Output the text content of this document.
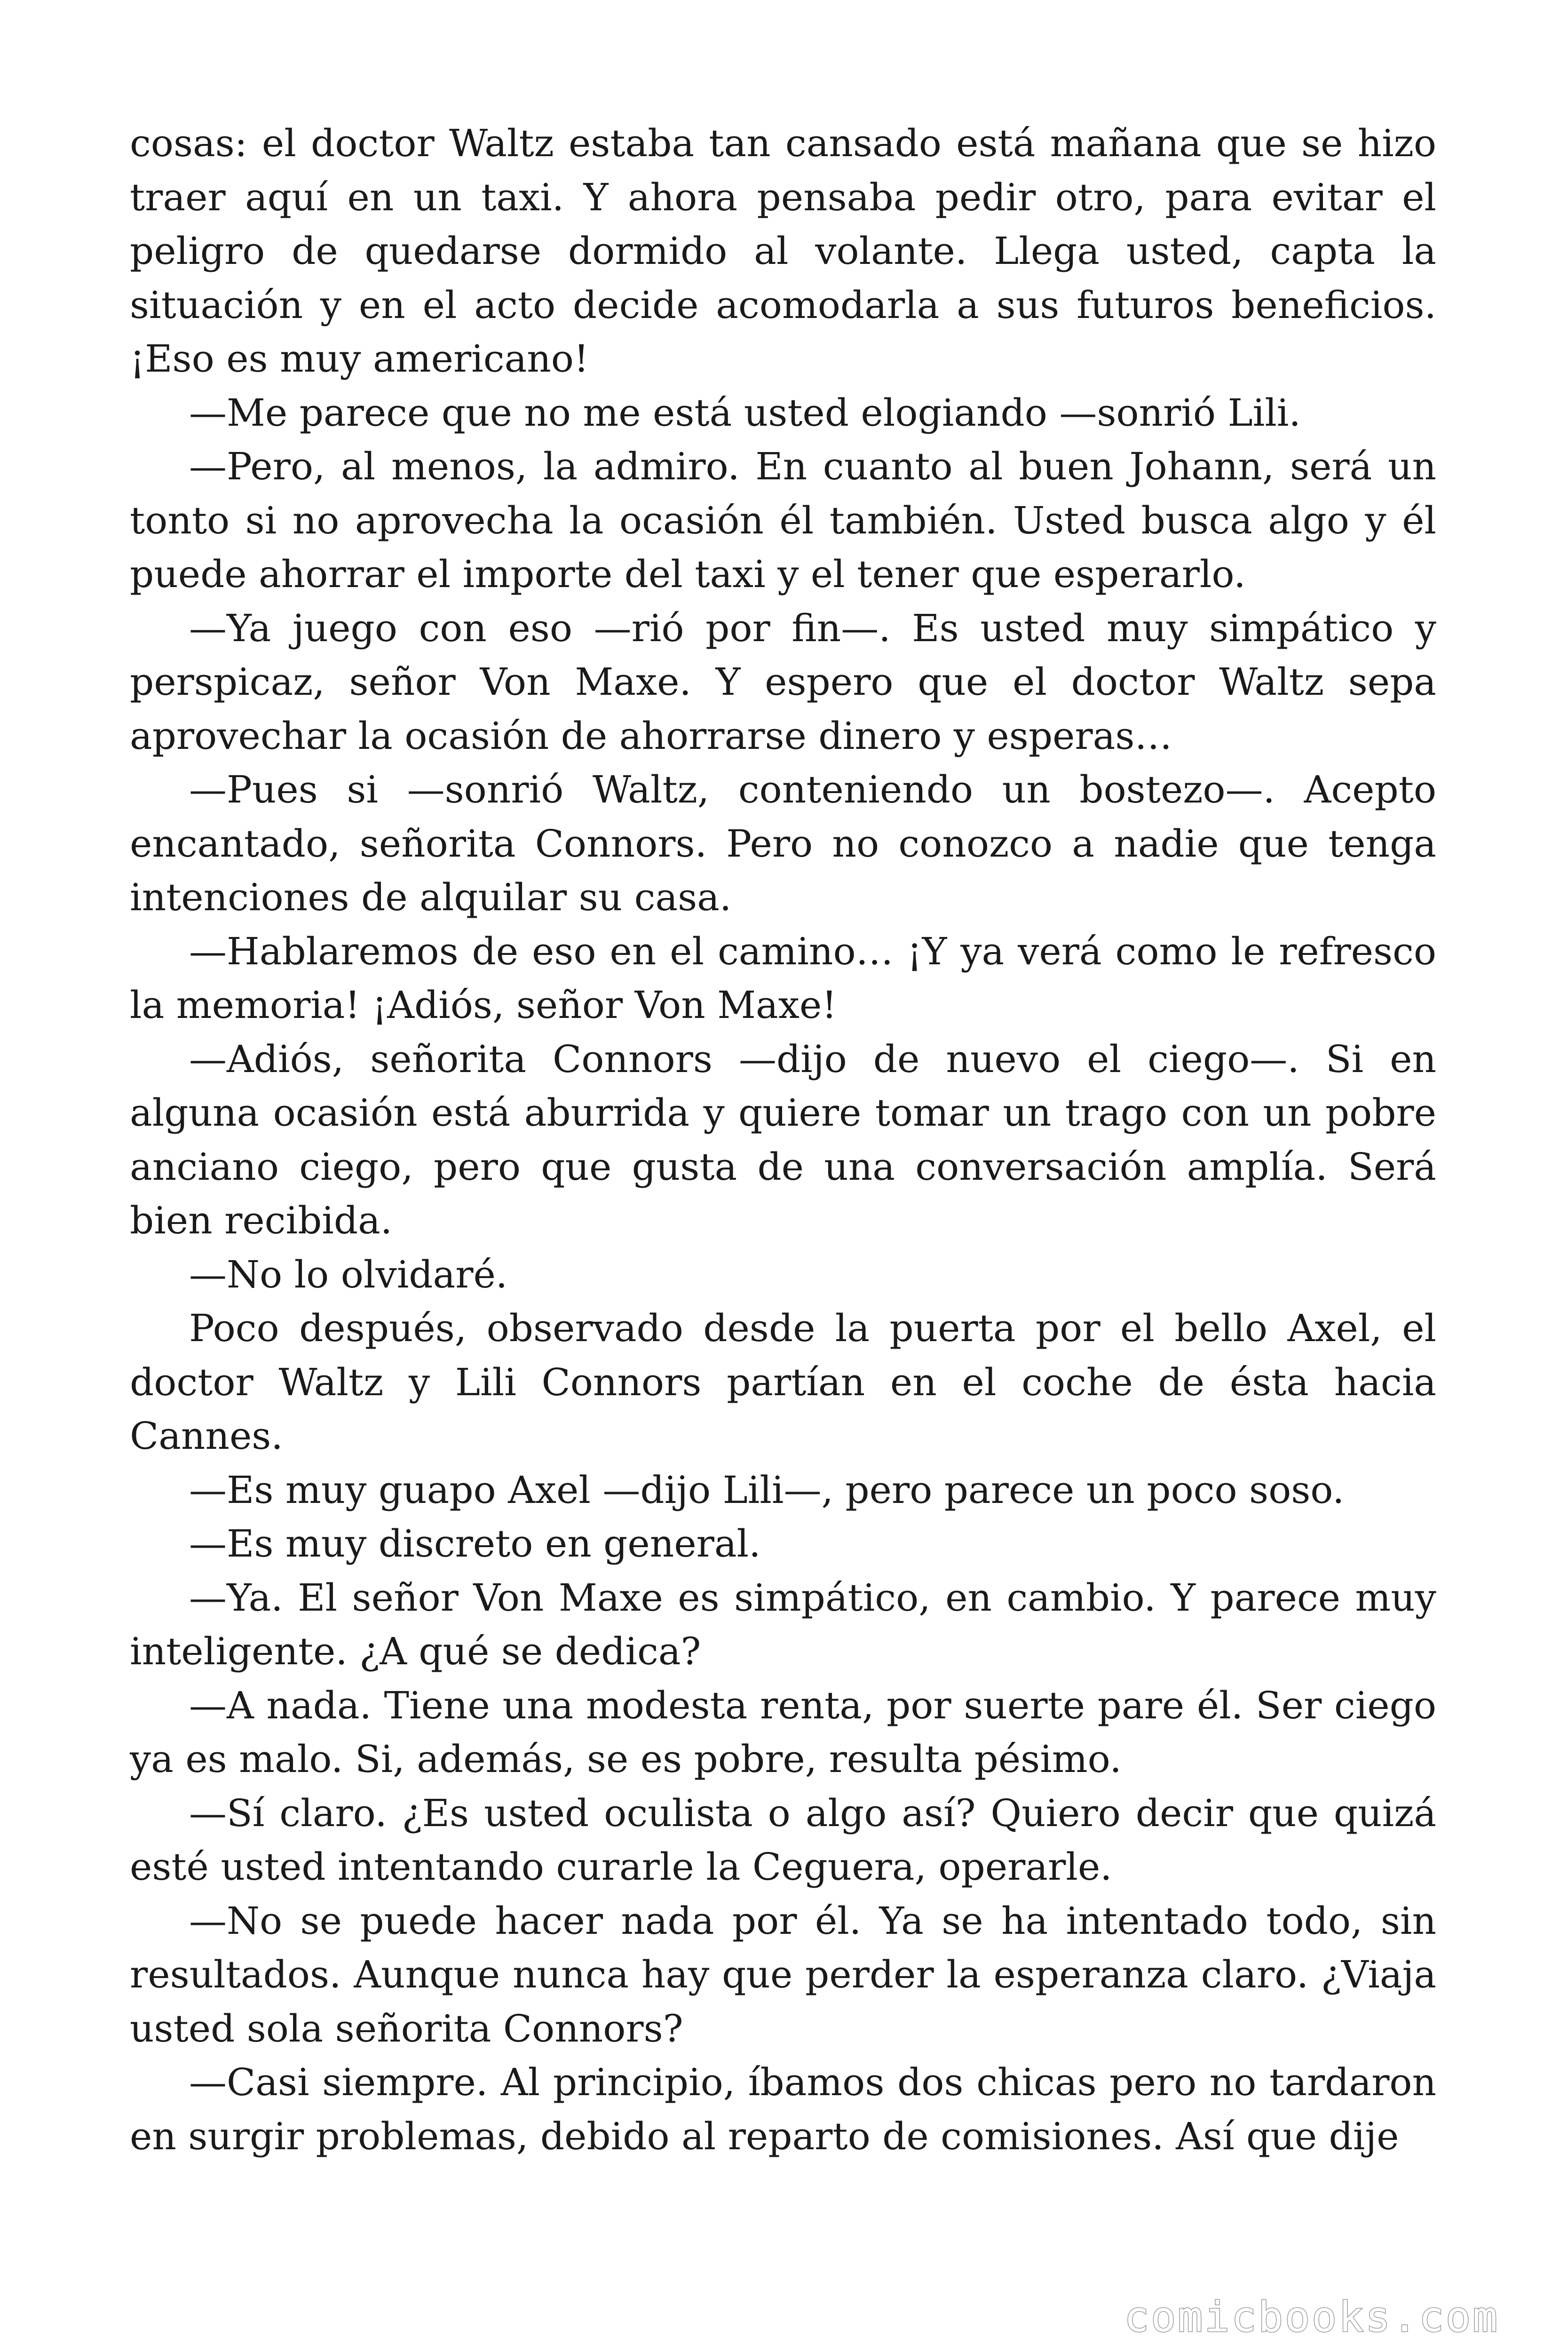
cosas: el doctor Waltz estaba tan cansado está mañana que se hizo traer aquí en un taxi. Y ahora pensaba pedir otro, para evitar el peligro de quedarse dormido al volante. Llega usted, capta la situación y en el acto decide acomodarla a sus futuros beneficios. ¡Eso es muy americano!

—Me parece que no me está usted elogiando —sonrió Lili.

—Pero, al menos, la admiro. En cuanto al buen Johann, será un tonto si no aprovecha la ocasión él también. Usted busca algo y él puede ahorrar el importe del taxi y el tener que esperarlo.

—Ya juego con eso —rió por fin—. Es usted muy simpático y perspicaz, señor Von Maxe. Y espero que el doctor Waltz sepa aprovechar la ocasión de ahorrarse dinero y esperas…

—Pues si —sonrió Waltz, conteniendo un bostezo—. Acepto encantado, señorita Connors. Pero no conozco a nadie que tenga intenciones de alquilar su casa.

—Hablaremos de eso en el camino… ¡Y ya verá como le refresco la memoria! ¡Adiós, señor Von Maxe!

—Adiós, señorita Connors —dijo de nuevo el ciego—. Si en alguna ocasión está aburrida y quiere tomar un trago con un pobre anciano ciego, pero que gusta de una conversación amplía. Será bien recibida.

—No lo olvidaré.

Poco después, observado desde la puerta por el bello Axel, el doctor Waltz y Lili Connors partían en el coche de ésta hacia Cannes.

—Es muy guapo Axel —dijo Lili—, pero parece un poco soso.

—Es muy discreto en general.

—Ya. El señor Von Maxe es simpático, en cambio. Y parece muy inteligente. ¿A qué se dedica?

—A nada. Tiene una modesta renta, por suerte pare él. Ser ciego ya es malo. Si, además, se es pobre, resulta pésimo.

—Sí claro. ¿Es usted oculista o algo así? Quiero decir que quizá esté usted intentando curarle la Ceguera, operarle.

—No se puede hacer nada por él. Ya se ha intentado todo, sin resultados. Aunque nunca hay que perder la esperanza claro. ¿Viaja usted sola señorita Connors?

—Casi siempre. Al principio, íbamos dos chicas pero no tardaron en surgir problemas, debido al reparto de comisiones. Así que dije

comicbooks.com
